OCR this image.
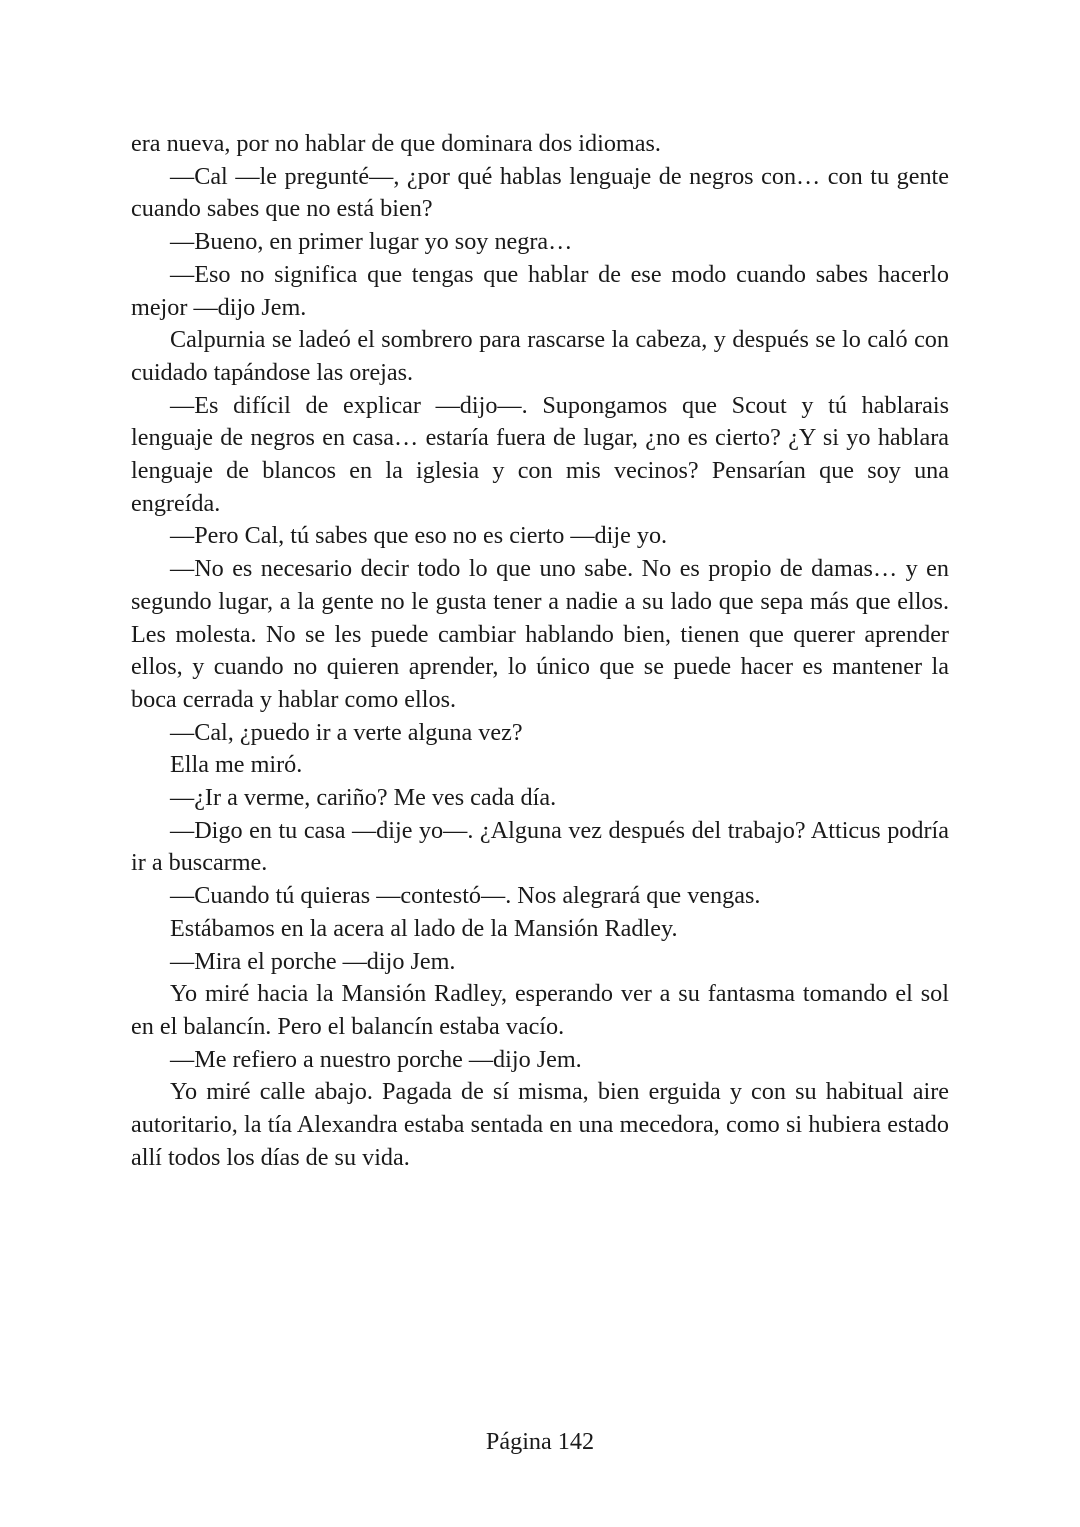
era nueva, por no hablar de que dominara dos idiomas.

—Cal —le pregunté—, ¿por qué hablas lenguaje de negros con… con tu gente cuando sabes que no está bien?

—Bueno, en primer lugar yo soy negra…

—Eso no significa que tengas que hablar de ese modo cuando sabes hacerlo mejor —dijo Jem.

Calpurnia se ladeó el sombrero para rascarse la cabeza, y después se lo caló con cuidado tapándose las orejas.

—Es difícil de explicar —dijo—. Supongamos que Scout y tú hablarais lenguaje de negros en casa… estaría fuera de lugar, ¿no es cierto? ¿Y si yo hablara lenguaje de blancos en la iglesia y con mis vecinos? Pensarían que soy una engreída.

—Pero Cal, tú sabes que eso no es cierto —dije yo.

—No es necesario decir todo lo que uno sabe. No es propio de damas… y en segundo lugar, a la gente no le gusta tener a nadie a su lado que sepa más que ellos. Les molesta. No se les puede cambiar hablando bien, tienen que querer aprender ellos, y cuando no quieren aprender, lo único que se puede hacer es mantener la boca cerrada y hablar como ellos.

—Cal, ¿puedo ir a verte alguna vez?

Ella me miró.

—¿Ir a verme, cariño? Me ves cada día.

—Digo en tu casa —dije yo—. ¿Alguna vez después del trabajo? Atticus podría ir a buscarme.

—Cuando tú quieras —contestó—. Nos alegrará que vengas.

Estábamos en la acera al lado de la Mansión Radley.

—Mira el porche —dijo Jem.

Yo miré hacia la Mansión Radley, esperando ver a su fantasma tomando el sol en el balancín. Pero el balancín estaba vacío.

—Me refiero a nuestro porche —dijo Jem.

Yo miré calle abajo. Pagada de sí misma, bien erguida y con su habitual aire autoritario, la tía Alexandra estaba sentada en una mecedora, como si hubiera estado allí todos los días de su vida.

Página 142
